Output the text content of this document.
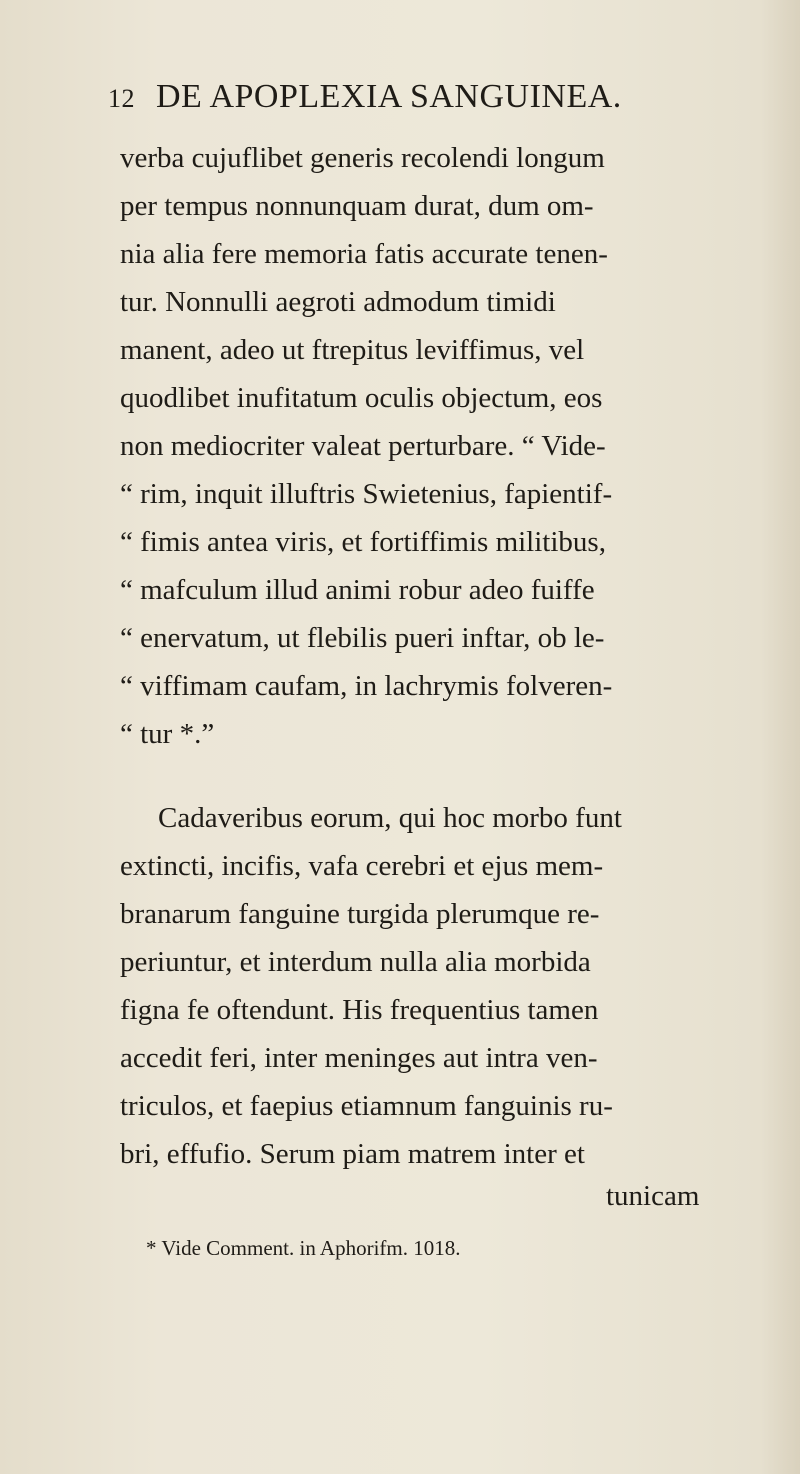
12 DE APOPLEXIA SANGUINEA.
verba cujuflibet generis recolendi longum
per tempus nonnunquam durat, dum om-
nia alia fere memoria fatis accurate tenen-
tur. Nonnulli aegroti admodum timidi
manent, adeo ut ftrepitus leviffimus, vel
quodlibet inufitatum oculis objectum, eos
non mediocriter valeat perturbare. “ Vide-
“ rim, inquit illuftris Swietenius, fapientif-
“ fimis antea viris, et fortiffimis militibus,
“ mafculum illud animi robur adeo fuiffe
“ enervatum, ut flebilis pueri inftar, ob le-
“ viffimam caufam, in lachrymis folveren-
“ tur *.”
Cadaveribus eorum, qui hoc morbo funt
extincti, incifis, vafa cerebri et ejus mem-
branarum fanguine turgida plerumque re-
periuntur, et interdum nulla alia morbida
figna fe oftendunt. His frequentius tamen
accedit feri, inter meninges aut intra ven-
triculos, et faepius etiamnum fanguinis ru-
bri, effufio. Serum piam matrem inter et
tunicam
* Vide Comment. in Aphorifm. 1018.
